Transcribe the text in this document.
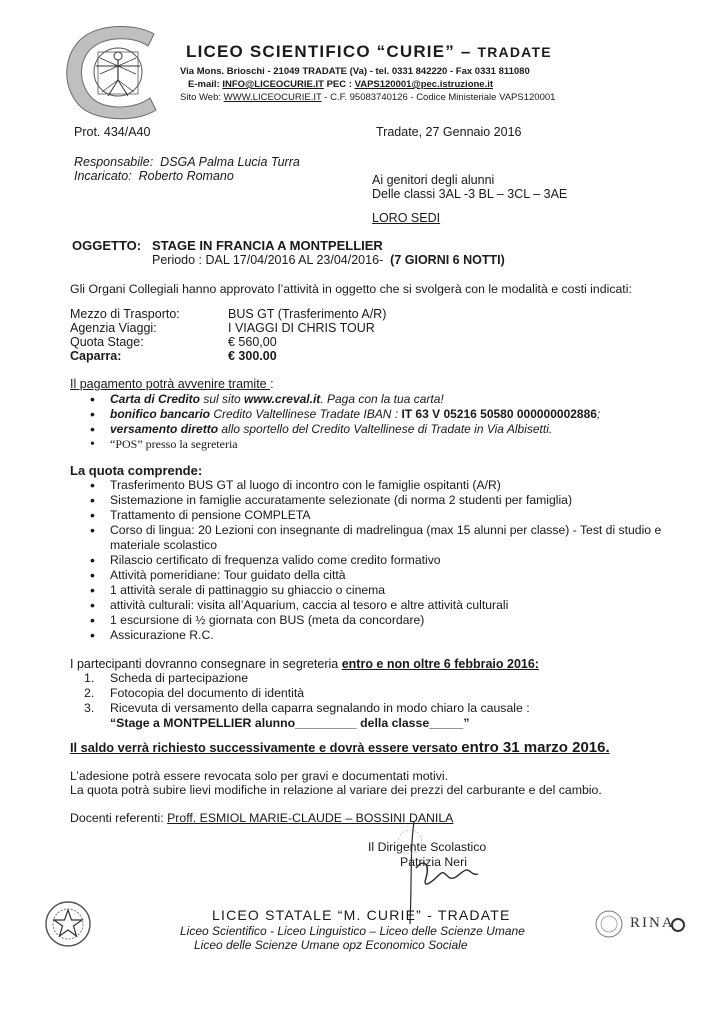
LICEO SCIENTIFICO “CURIE” – TRADATE
Via Mons. Brioschi - 21049 TRADATE (Va) - tel. 0331 842220 - Fax 0331 811080
E-mail: INFO@LICEOCURIE.IT PEC : VAPS120001@pec.istruzione.it
Sito Web: WWW.LICEOCURIE.IT - C.F. 95083740126 - Codice Ministeriale VAPS120001
Prot. 434/A40	Tradate, 27 Gennaio 2016
Responsabile: DSGA Palma Lucia Turra
Incaricato: Roberto Romano	Ai genitori degli alunni
Delle classi 3AL -3 BL – 3CL – 3AE
LORO SEDI
OGGETTO: STAGE IN FRANCIA A MONTPELLIER
Periodo : DAL 17/04/2016 AL 23/04/2016- (7 GIORNI 6 NOTTI)
Gli Organi Collegiali hanno approvato l’attività in oggetto che si svolgerà con le modalità e costi indicati:
Mezzo di Trasporto:	BUS GT (Trasferimento A/R)
Agenzia Viaggi:	I VIAGGI DI CHRIS TOUR
Quota Stage:	€ 560,00
Caparra:	€ 300.00
Il pagamento potrà avvenire tramite :
• Carta di Credito sul sito www.creval.it. Paga con la tua carta!
• bonifico bancario Credito Valtellinese Tradate IBAN : IT 63 V 05216 50580 000000002886;
• versamento diretto allo sportello del Credito Valtellinese di Tradate in Via Albisetti.
• “POS” presso la segreteria
La quota comprende:
• Trasferimento BUS GT al luogo di incontro con le famiglie ospitanti (A/R)
• Sistemazione in famiglie accuratamente selezionate (di norma 2 studenti per famiglia)
• Trattamento di pensione COMPLETA
• Corso di lingua: 20 Lezioni con insegnante di madrelingua (max 15 alunni per classe) - Test di studio e materiale scolastico
• Rilascio certificato di frequenza valido come credito formativo
• Attività pomeridiane: Tour guidato della città
• 1 attività serale di pattinaggio su ghiaccio o cinema
• attività culturali: visita all’Aquarium, caccia al tesoro e altre attività culturali
• 1 escursione di ½ giornata con BUS (meta da concordare)
• Assicurazione R.C.
I partecipanti dovranno consegnare in segreteria entro e non oltre 6 febbraio 2016:
1. Scheda di partecipazione
2. Fotocopia del documento di identità
3. Ricevuta di versamento della caparra segnalando in modo chiaro la causale :
“Stage a MONTPELLIER alunno_________ della classe_____”
Il saldo verrà richiesto successivamente e dovrà essere versato entro 31 marzo 2016.
L’adesione potrà essere revocata solo per gravi e documentati motivi.
La quota potrà subire lievi modifiche in relazione al variare dei prezzi del carburante e del cambio.
Docenti referenti: Proff. ESMIOL MARIE-CLAUDE – BOSSINI DANILA
Il Dirigente Scolastico
Patrizia Neri
LICEO STATALE “M. CURIE” - TRADATE
Liceo Scientifico - Liceo Linguistico – Liceo delle Scienze Umane
Liceo delle Scienze Umane opz Economico Sociale
RINA
